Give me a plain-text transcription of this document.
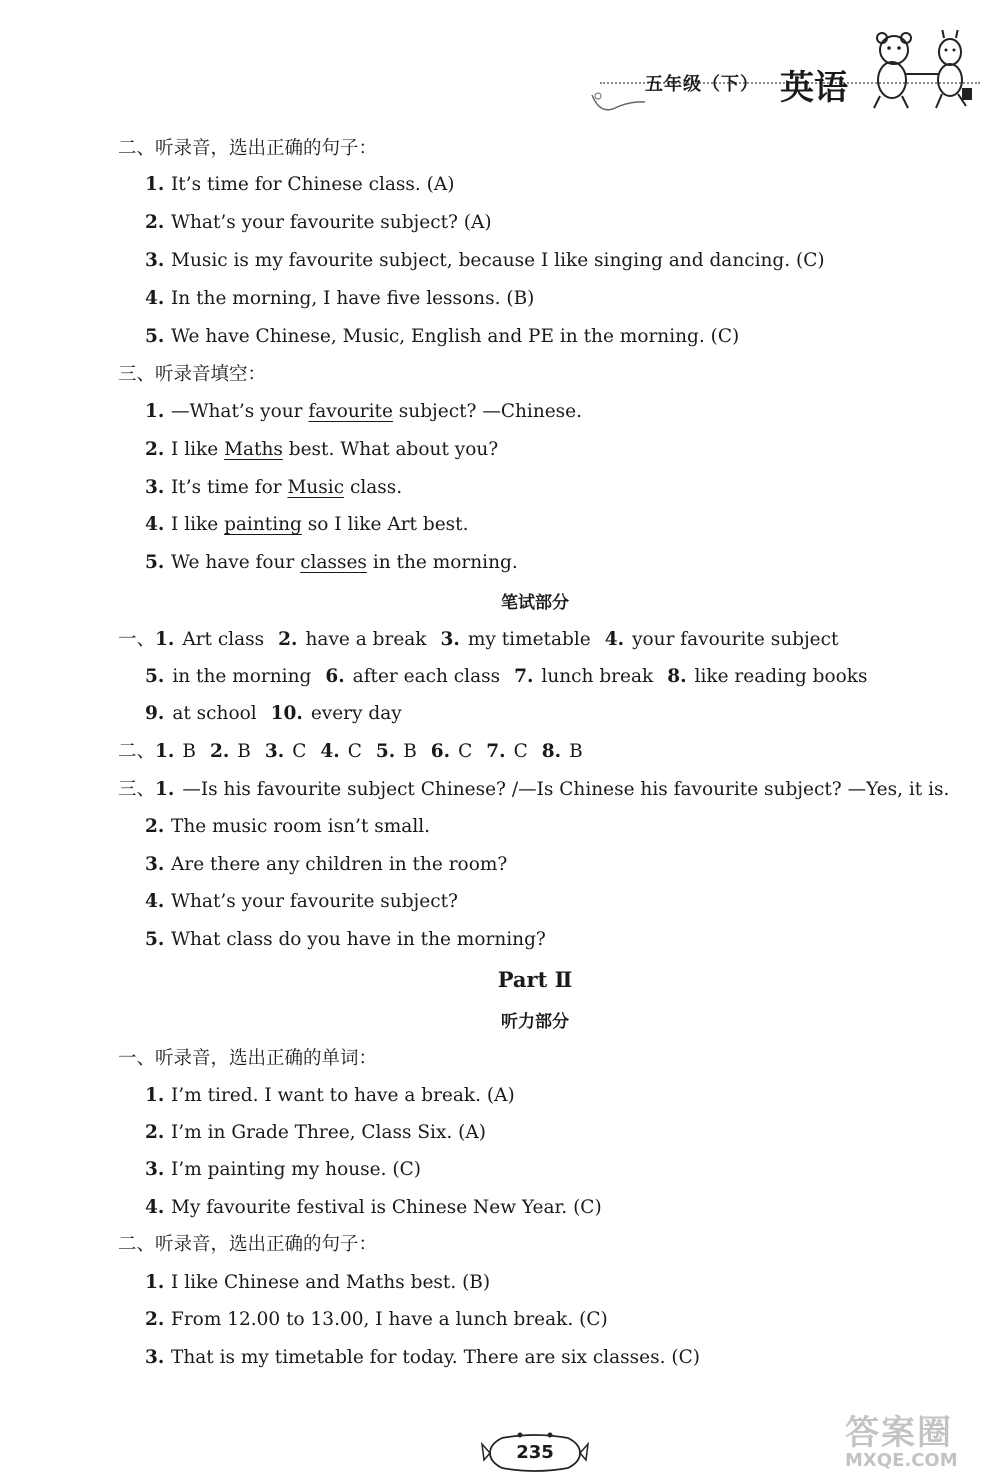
五年级（下） 英语
二、听录音，选出正确的句子：
1. It’s time for Chinese class. (A)
2. What’s your favourite subject? (A)
3. Music is my favourite subject, because I like singing and dancing. (C)
4. In the morning, I have five lessons. (B)
5. We have Chinese, Music, English and PE in the morning. (C)
三、听录音填空：
1. —What’s your favourite subject? —Chinese.
2. I like Maths best. What about you?
3. It’s time for Music class.
4. I like painting so I like Art best.
5. We have four classes in the morning.
笔试部分
一、1. Art class 2. have a break 3. my timetable 4. your favourite subject
5. in the morning 6. after each class 7. lunch break 8. like reading books
9. at school 10. every day
二、1. B 2. B 3. C 4. C 5. B 6. C 7. C 8. B
三、1. —Is his favourite subject Chinese? /—Is Chinese his favourite subject? —Yes, it is.
2. The music room isn’t small.
3. Are there any children in the room?
4. What’s your favourite subject?
5. What class do you have in the morning?
Part Ⅱ
听力部分
一、听录音，选出正确的单词：
1. I’m tired. I want to have a break. (A)
2. I’m in Grade Three, Class Six. (A)
3. I’m painting my house. (C)
4. My favourite festival is Chinese New Year. (C)
二、听录音，选出正确的句子：
1. I like Chinese and Maths best. (B)
2. From 12.00 to 13.00, I have a lunch break. (C)
3. That is my timetable for today. There are six classes. (C)
235	答案圈
MXQE.COM
